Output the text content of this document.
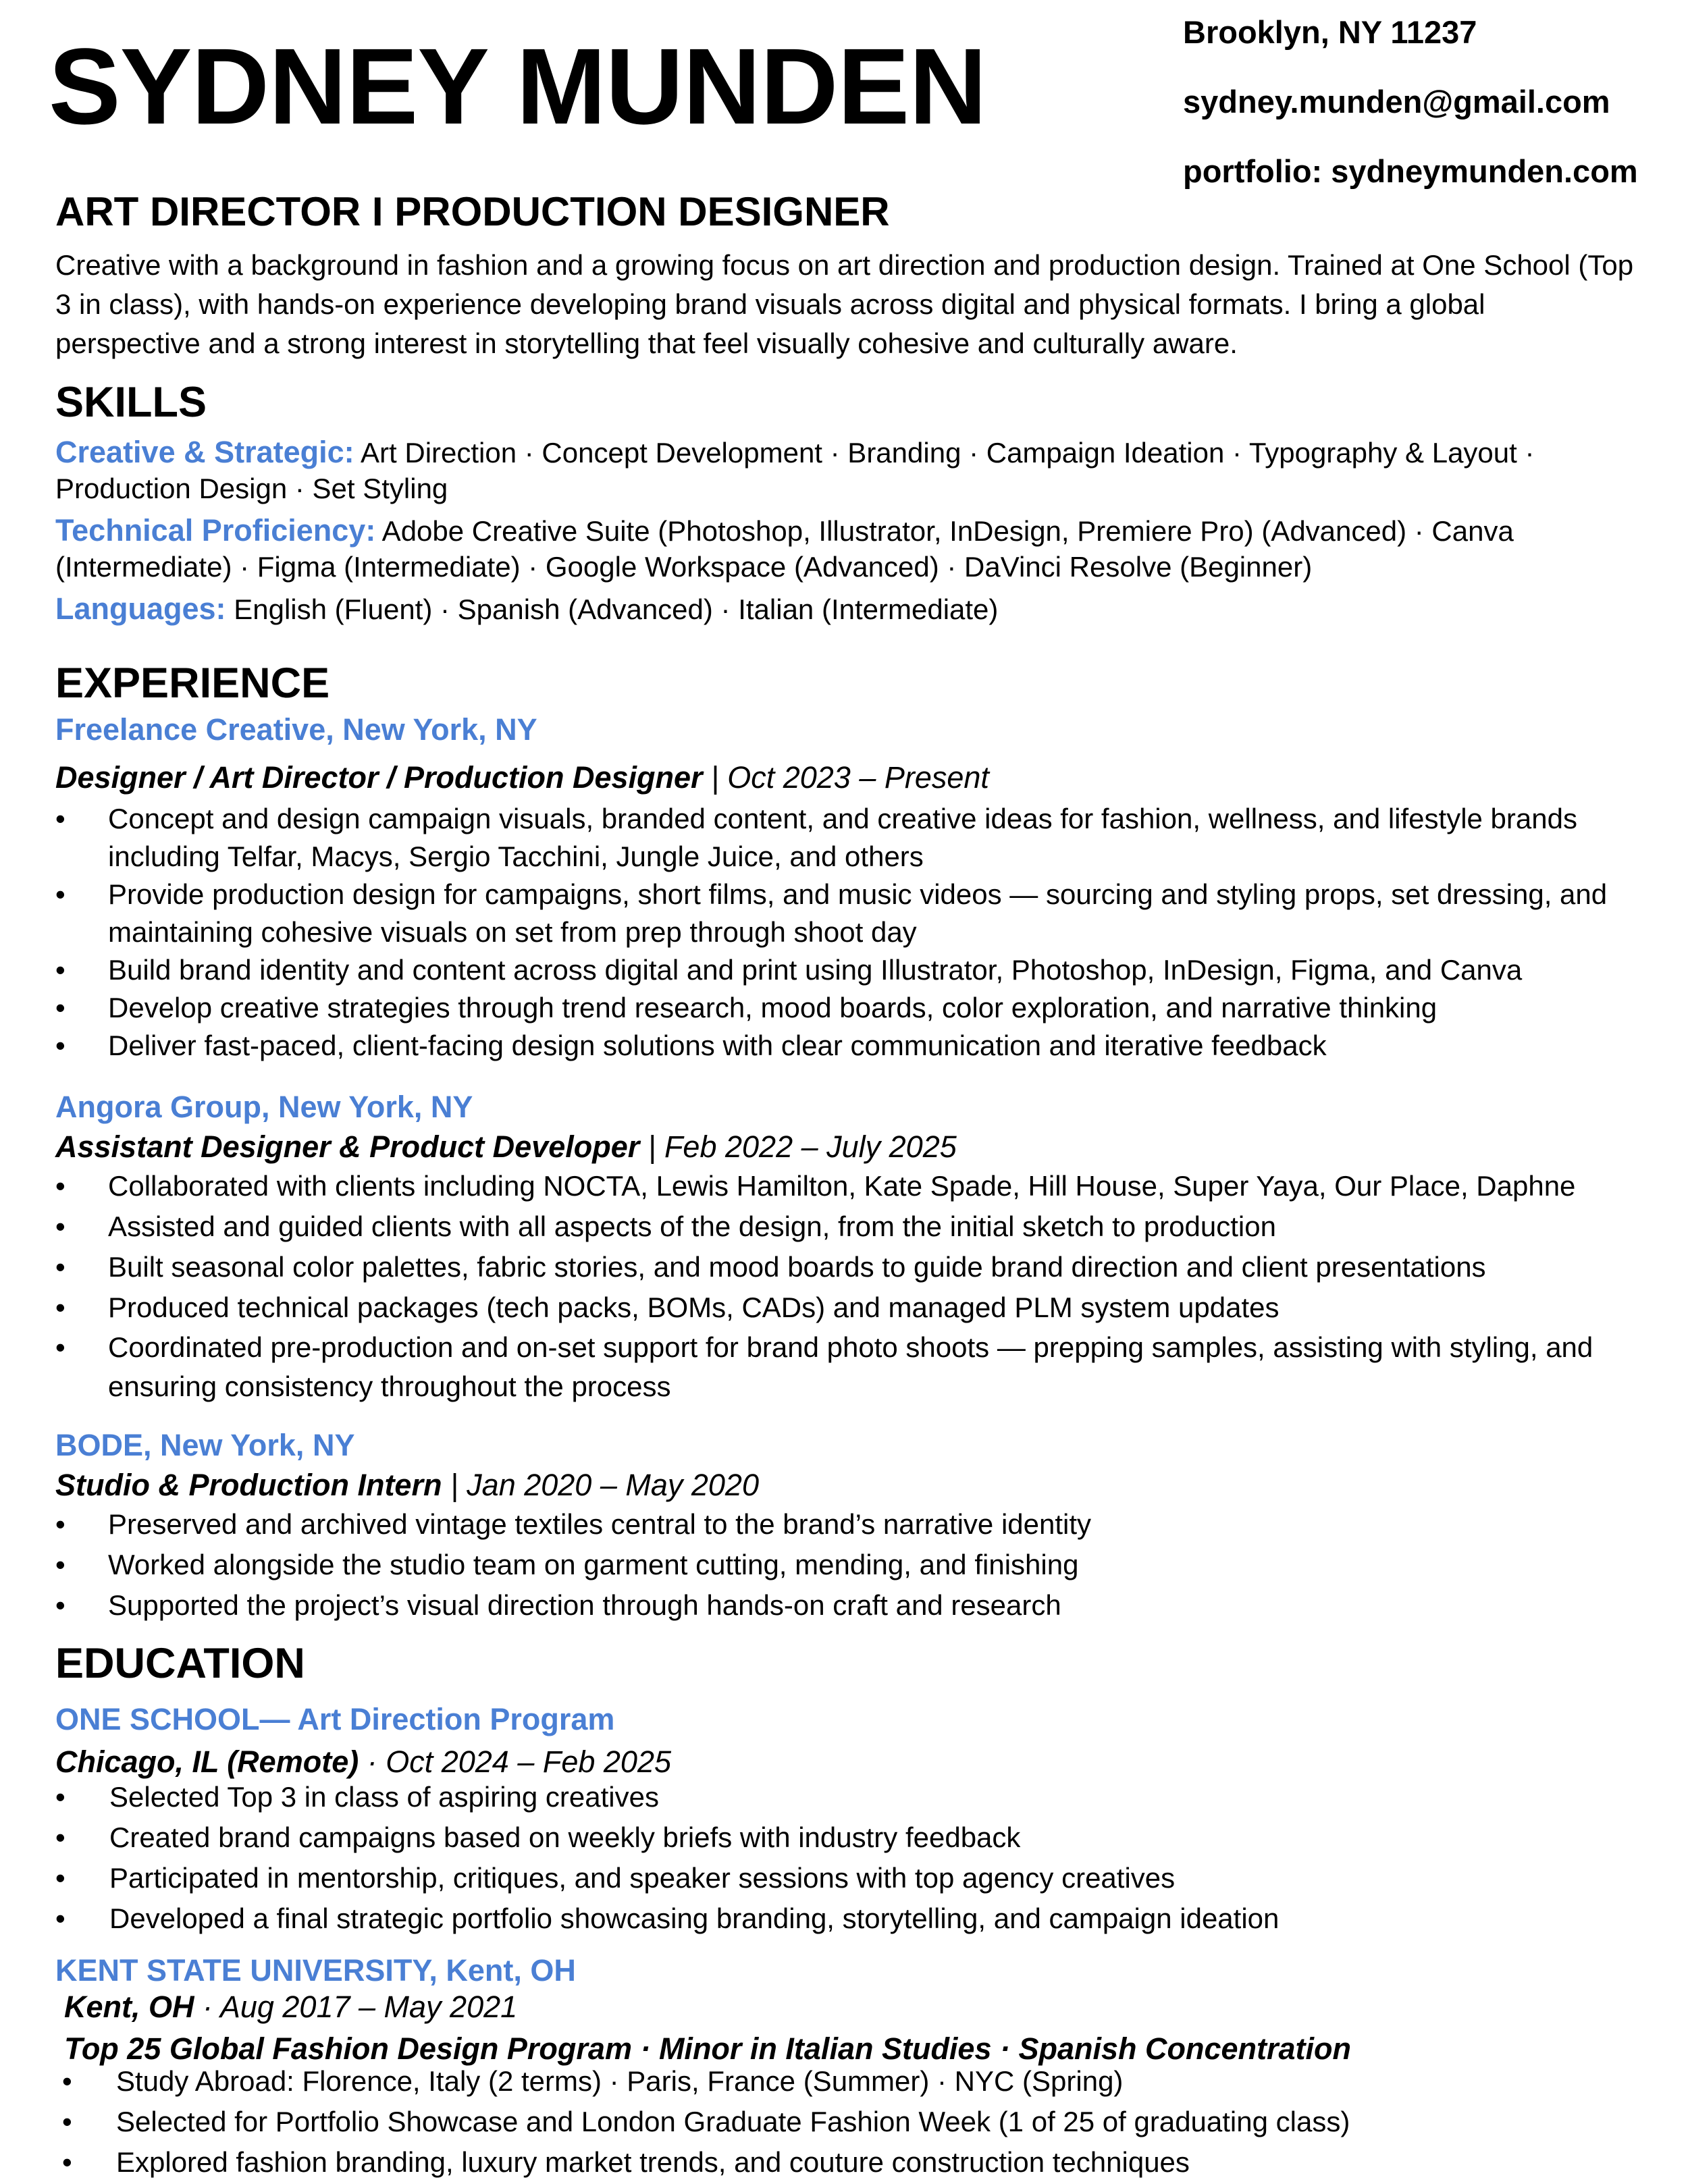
SYDNEY MUNDEN	Brooklyn, NY 11237
sydney.munden@gmail.com
portfolio: sydneymunden.com
ART DIRECTOR I PRODUCTION DESIGNER
Creative with a background in fashion and a growing focus on art direction and production design. Trained at One School (Top 3 in class), with hands-on experience developing brand visuals across digital and physical formats. I bring a global perspective and a strong interest in storytelling that feel visually cohesive and culturally aware.
SKILLS
Creative & Strategic: Art Direction · Concept Development · Branding · Campaign Ideation · Typography & Layout · Production Design · Set Styling
Technical Proficiency: Adobe Creative Suite (Photoshop, Illustrator, InDesign, Premiere Pro) (Advanced) · Canva (Intermediate) · Figma (Intermediate) · Google Workspace (Advanced) · DaVinci Resolve (Beginner)
Languages: English (Fluent) · Spanish (Advanced) · Italian (Intermediate)
EXPERIENCE
Freelance Creative, New York, NY
Designer / Art Director / Production Designer | Oct 2023 – Present
• Concept and design campaign visuals, branded content, and creative ideas for fashion, wellness, and lifestyle brands including Telfar, Macys, Sergio Tacchini, Jungle Juice, and others
• Provide production design for campaigns, short films, and music videos — sourcing and styling props, set dressing, and maintaining cohesive visuals on set from prep through shoot day
• Build brand identity and content across digital and print using Illustrator, Photoshop, InDesign, Figma, and Canva
• Develop creative strategies through trend research, mood boards, color exploration, and narrative thinking
• Deliver fast-paced, client-facing design solutions with clear communication and iterative feedback
Angora Group, New York, NY
Assistant Designer & Product Developer | Feb 2022 – July 2025
• Collaborated with clients including NOCTA, Lewis Hamilton, Kate Spade, Hill House, Super Yaya, Our Place, Daphne
• Assisted and guided clients with all aspects of the design, from the initial sketch to production
• Built seasonal color palettes, fabric stories, and mood boards to guide brand direction and client presentations
• Produced technical packages (tech packs, BOMs, CADs) and managed PLM system updates
• Coordinated pre-production and on-set support for brand photo shoots — prepping samples, assisting with styling, and ensuring consistency throughout the process
BODE, New York, NY
Studio & Production Intern | Jan 2020 – May 2020
• Preserved and archived vintage textiles central to the brand’s narrative identity
• Worked alongside the studio team on garment cutting, mending, and finishing
• Supported the project’s visual direction through hands-on craft and research
EDUCATION
ONE SCHOOL— Art Direction Program
Chicago, IL (Remote) · Oct 2024 – Feb 2025
• Selected Top 3 in class of aspiring creatives
• Created brand campaigns based on weekly briefs with industry feedback
• Participated in mentorship, critiques, and speaker sessions with top agency creatives
• Developed a final strategic portfolio showcasing branding, storytelling, and campaign ideation
KENT STATE UNIVERSITY, Kent, OH
Kent, OH · Aug 2017 – May 2021
Top 25 Global Fashion Design Program · Minor in Italian Studies · Spanish Concentration
• Study Abroad: Florence, Italy (2 terms) · Paris, France (Summer) · NYC (Spring)
• Selected for Portfolio Showcase and London Graduate Fashion Week (1 of 25 of graduating class)
• Explored fashion branding, luxury market trends, and couture construction techniques
